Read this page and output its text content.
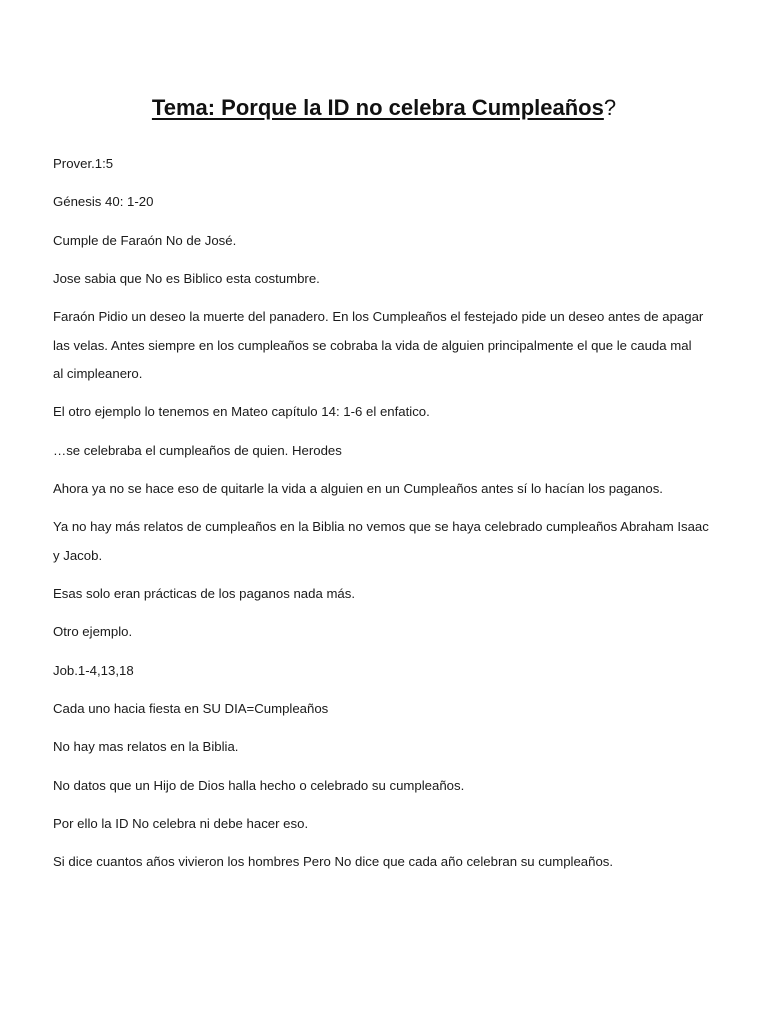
Tema: Porque la ID no celebra Cumpleaños?

Prover.1:5

Génesis 40: 1-20

Cumple de Faraón No de José.

Jose sabia que No es Biblico esta costumbre.

Faraón Pidio un deseo la muerte del panadero. En los Cumpleaños el festejado pide un deseo antes de apagar
las velas. Antes siempre en los cumpleaños se cobraba la vida de alguien principalmente el que le cauda mal
al cimpleanero.

El otro ejemplo lo tenemos en Mateo capítulo 14: 1-6 el enfatico.

…se celebraba el cumpleaños de quien. Herodes

Ahora ya no se hace eso de quitarle la vida a alguien en un Cumpleaños antes sí lo hacían los paganos.

Ya no hay más relatos de cumpleaños en la Biblia no vemos que se haya celebrado cumpleaños Abraham Isaac
y Jacob.

Esas solo eran prácticas de los paganos nada más.

Otro ejemplo.

Job.1-4,13,18

Cada uno hacia fiesta en SU DIA=Cumpleaños

No hay mas relatos en la Biblia.

No datos que un Hijo de Dios halla hecho o celebrado su cumpleaños.

Por ello la ID No celebra ni debe hacer eso.

Si dice cuantos años vivieron los hombres Pero No dice que cada año celebran su cumpleaños.
